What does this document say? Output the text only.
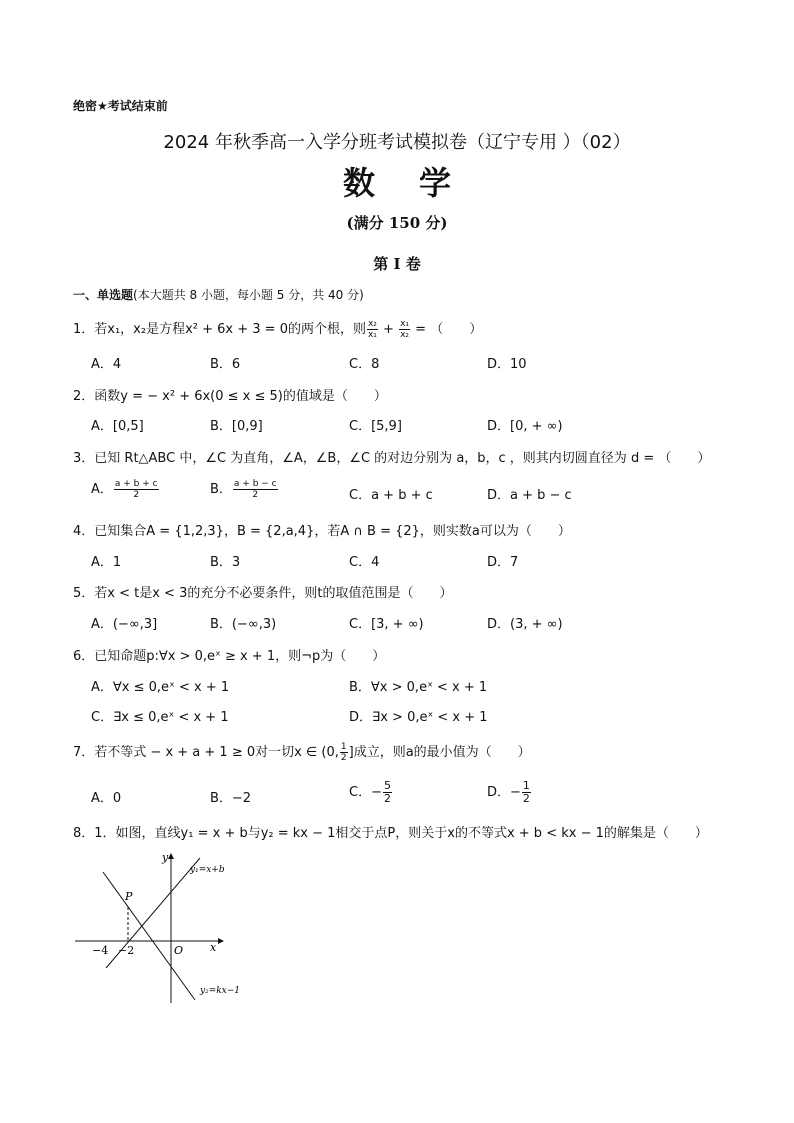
绝密★考试结束前
2024 年秋季高一入学分班考试模拟卷（辽宁专用 ）（02）
数学
(满分 150 分)
第 I 卷
一、单选题(本大题共 8 小题，每小题 5 分，共 40 分)
1．若x₁，x₂是方程x² + 6x + 3 = 0的两个根，则 $\frac{\text{x₂}}{\text{x₁}} + \frac{\text{x₁}}{\text{x₂}}$ = （　　）
A．4	B．6	C．8	D．10
2．函数y = − x² + 6x(0 ≤ x ≤ 5)的值域是（　　）
A．[0,5]	B．[0,9]	C．[5,9]	D．[0, + ∞)
3．已知 Rt△ABC 中，∠C 为直角，∠A，∠B，∠C 的对边分别为 a，b，c ，则其内切圆直径为 d = （　　）
A． $\frac{a + b + c}{2}$	B． $\frac{a + b - c}{2}$	C．a + b + c	D．a + b − c
4．已知集合A = {1,2,3}，B = {2,a,4}，若A ∩ B = {2}，则实数a可以为（　　）
A．1	B．3	C．4	D．7
5．若x < t是x < 3的充分不必要条件，则t的取值范围是（　　）
A．(−∞,3]	B．(−∞,3)	C．[3, + ∞)	D．(3, + ∞)
6．已知命题p:∀x > 0,eˣ ≥ x + 1，则¬p为（　　）
A．∀x ≤ 0,eˣ < x + 1	B．∀x > 0,eˣ < x + 1
C．∃x ≤ 0,eˣ < x + 1	D．∃x > 0,eˣ < x + 1
7．若不等式 − x + a + 1 ≥ 0对一切x ∈ (0, $\frac{1}{2}$ ]成立，则a的最小值为（　　）
A．0	B．−2	C．− $\frac{5}{2}$	D．− $\frac{1}{2}$
8．1．如图，直线y₁ = x + b与y₂ = kx − 1相交于点P，则关于x的不等式x + b < kx − 1的解集是（　　）
y
x
O
P
y₁=x+b
y₂=kx−1
−4 −2
